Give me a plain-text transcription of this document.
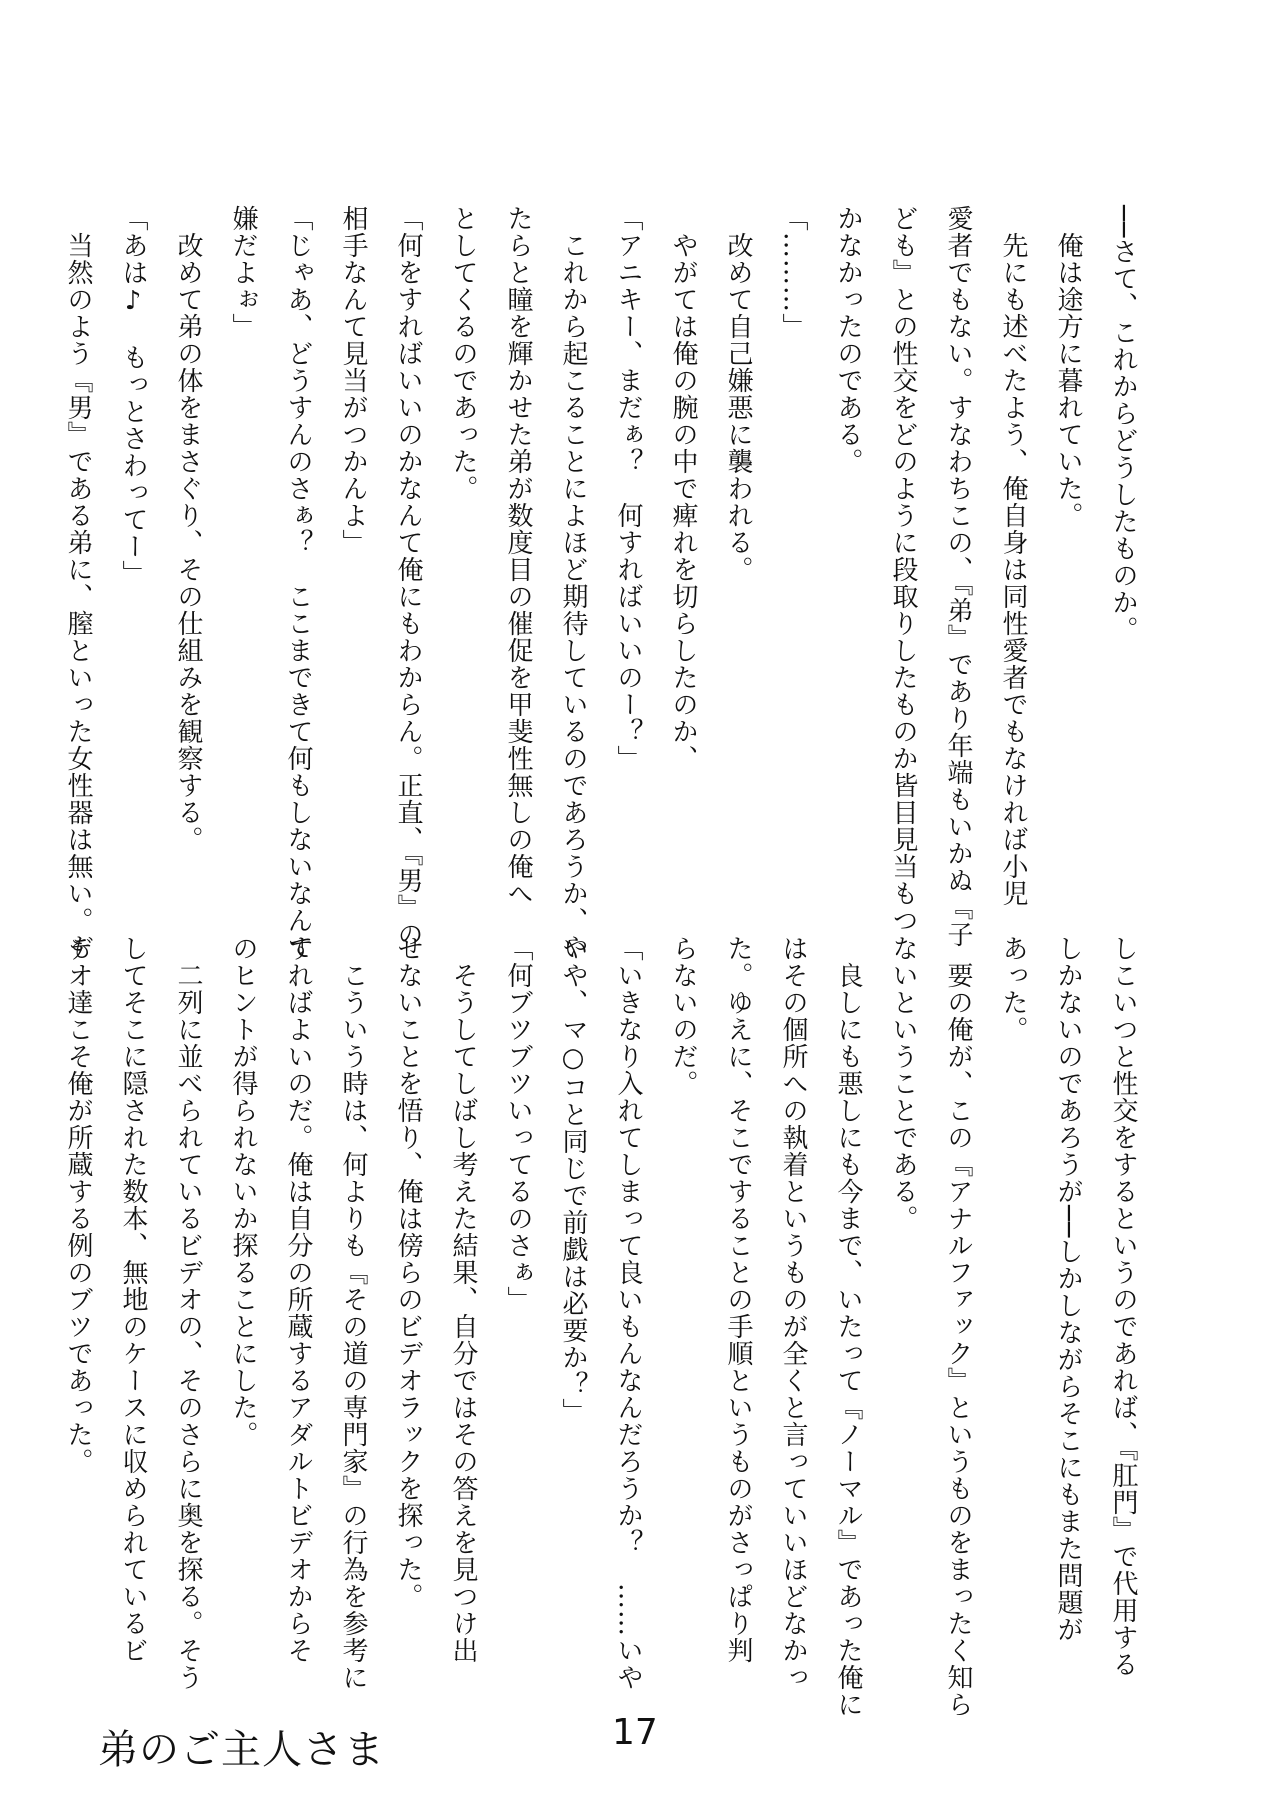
──さて、これからどうしたものか。

　俺は途方に暮れていた。

　先にも述べたよう、俺自身は同性愛者でもなければ小児

愛者でもない。すなわちこの、『弟』であり年端もいかぬ『子

ども』との性交をどのように段取りしたものか皆目見当もつ

かなかったのである。

「………」

　改めて自己嫌悪に襲われる。

　やがては俺の腕の中で痺れを切らしたのか、

「アニキー、まだぁ？　何すればいいのー？」

　これから起こることによほど期待しているのであろうか、や

たらと瞳を輝かせた弟が数度目の催促を甲斐性無しの俺へ

としてくるのであった。

「何をすればいいのかなんて俺にもわからん。正直、『男』の

相手なんて見当がつかんよ」

「じゃあ、どうすんのさぁ？　ここまできて何もしないなんて

嫌だよぉ」

　改めて弟の体をまさぐり、その仕組みを観察する。

「あは♪　もっとさわってー」

　当然のよう『男』である弟に、膣といった女性器は無い。も

しこいつと性交をするというのであれば、『肛門』で代用する

しかないのであろうが──しかしながらそこにもまた問題が

あった。

　要の俺が、この『アナルファック』というものをまったく知ら

ないということである。

　良しにも悪しにも今まで、いたって『ノーマル』であった俺に

はその個所への執着というものが全くと言っていいほどなかっ

た。ゆえに、そこですることの手順というものがさっぱり判

らないのだ。

「いきなり入れてしまって良いもんなんだろうか？　……いや

いや、マ○コと同じで前戯は必要か？」

「何ブツブツいってるのさぁ」

　そうしてしばし考えた結果、自分ではその答えを見つけ出

せないことを悟り、俺は傍らのビデオラックを探った。

　こういう時は、何よりも『その道の専門家』の行為を参考に

すればよいのだ。俺は自分の所蔵するアダルトビデオからそ

のヒントが得られないか探ることにした。

　二列に並べられているビデオの、そのさらに奥を探る。そう

してそこに隠された数本、無地のケースに収められているビ

デオ達こそ俺が所蔵する例のブツであった。

弟のご主人さま	17
